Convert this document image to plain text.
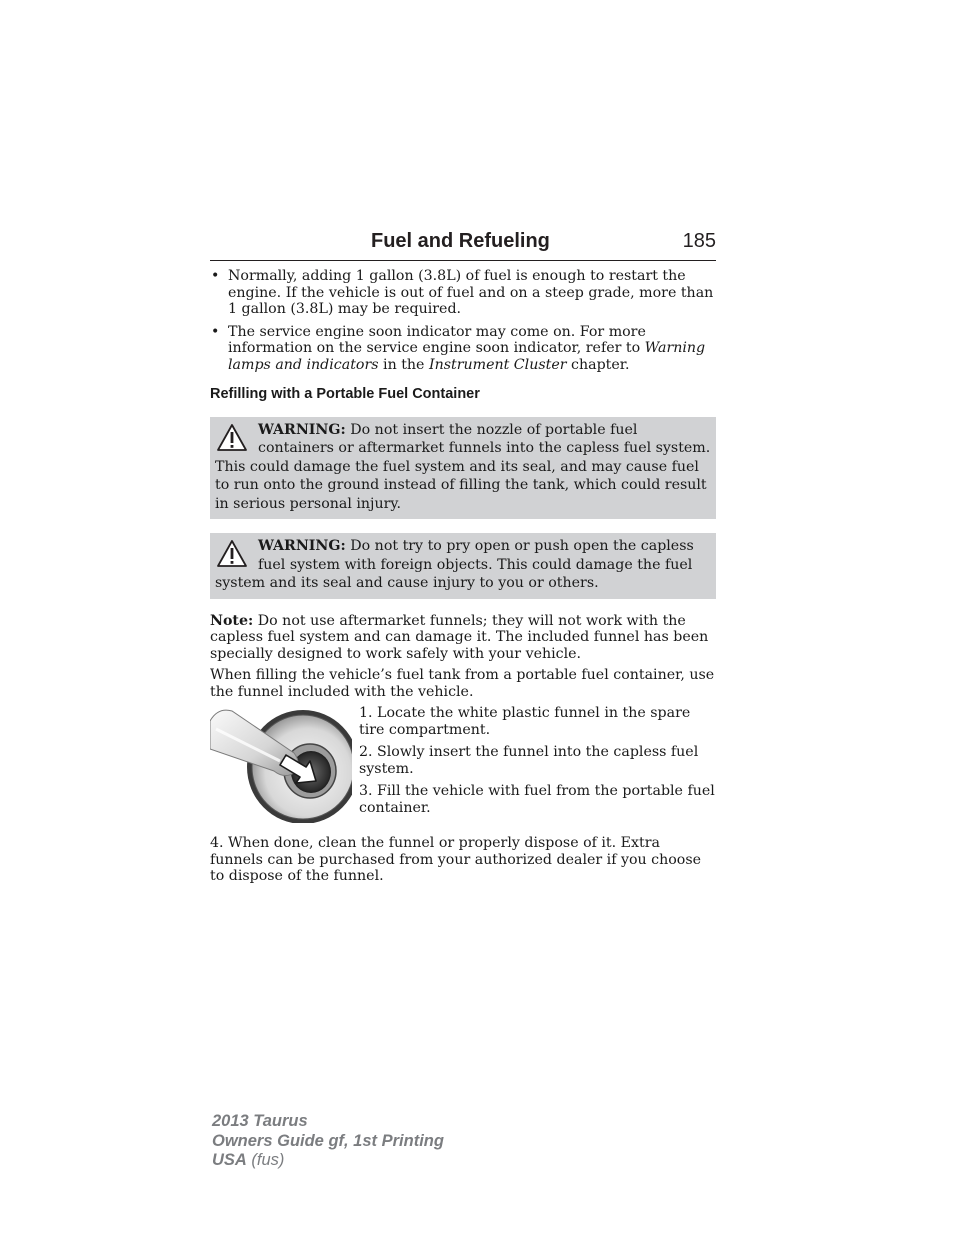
Fuel and Refueling	185
• Normally, adding 1 gallon (3.8L) of fuel is enough to restart the engine. If the vehicle is out of fuel and on a steep grade, more than 1 gallon (3.8L) may be required.
• The service engine soon indicator may come on. For more information on the service engine soon indicator, refer to Warning lamps and indicators in the Instrument Cluster chapter.
Refilling with a Portable Fuel Container
WARNING: Do not insert the nozzle of portable fuel containers or aftermarket funnels into the capless fuel system. This could damage the fuel system and its seal, and may cause fuel to run onto the ground instead of filling the tank, which could result in serious personal injury.
WARNING: Do not try to pry open or push open the capless fuel system with foreign objects. This could damage the fuel system and its seal and cause injury to you or others.
Note: Do not use aftermarket funnels; they will not work with the capless fuel system and can damage it. The included funnel has been specially designed to work safely with your vehicle.
When filling the vehicle’s fuel tank from a portable fuel container, use the funnel included with the vehicle.
1. Locate the white plastic funnel in the spare tire compartment.
2. Slowly insert the funnel into the capless fuel system.
3. Fill the vehicle with fuel from the portable fuel container.
4. When done, clean the funnel or properly dispose of it. Extra funnels can be purchased from your authorized dealer if you choose to dispose of the funnel.
2013 Taurus
Owners Guide gf, 1st Printing
USA (fus)
